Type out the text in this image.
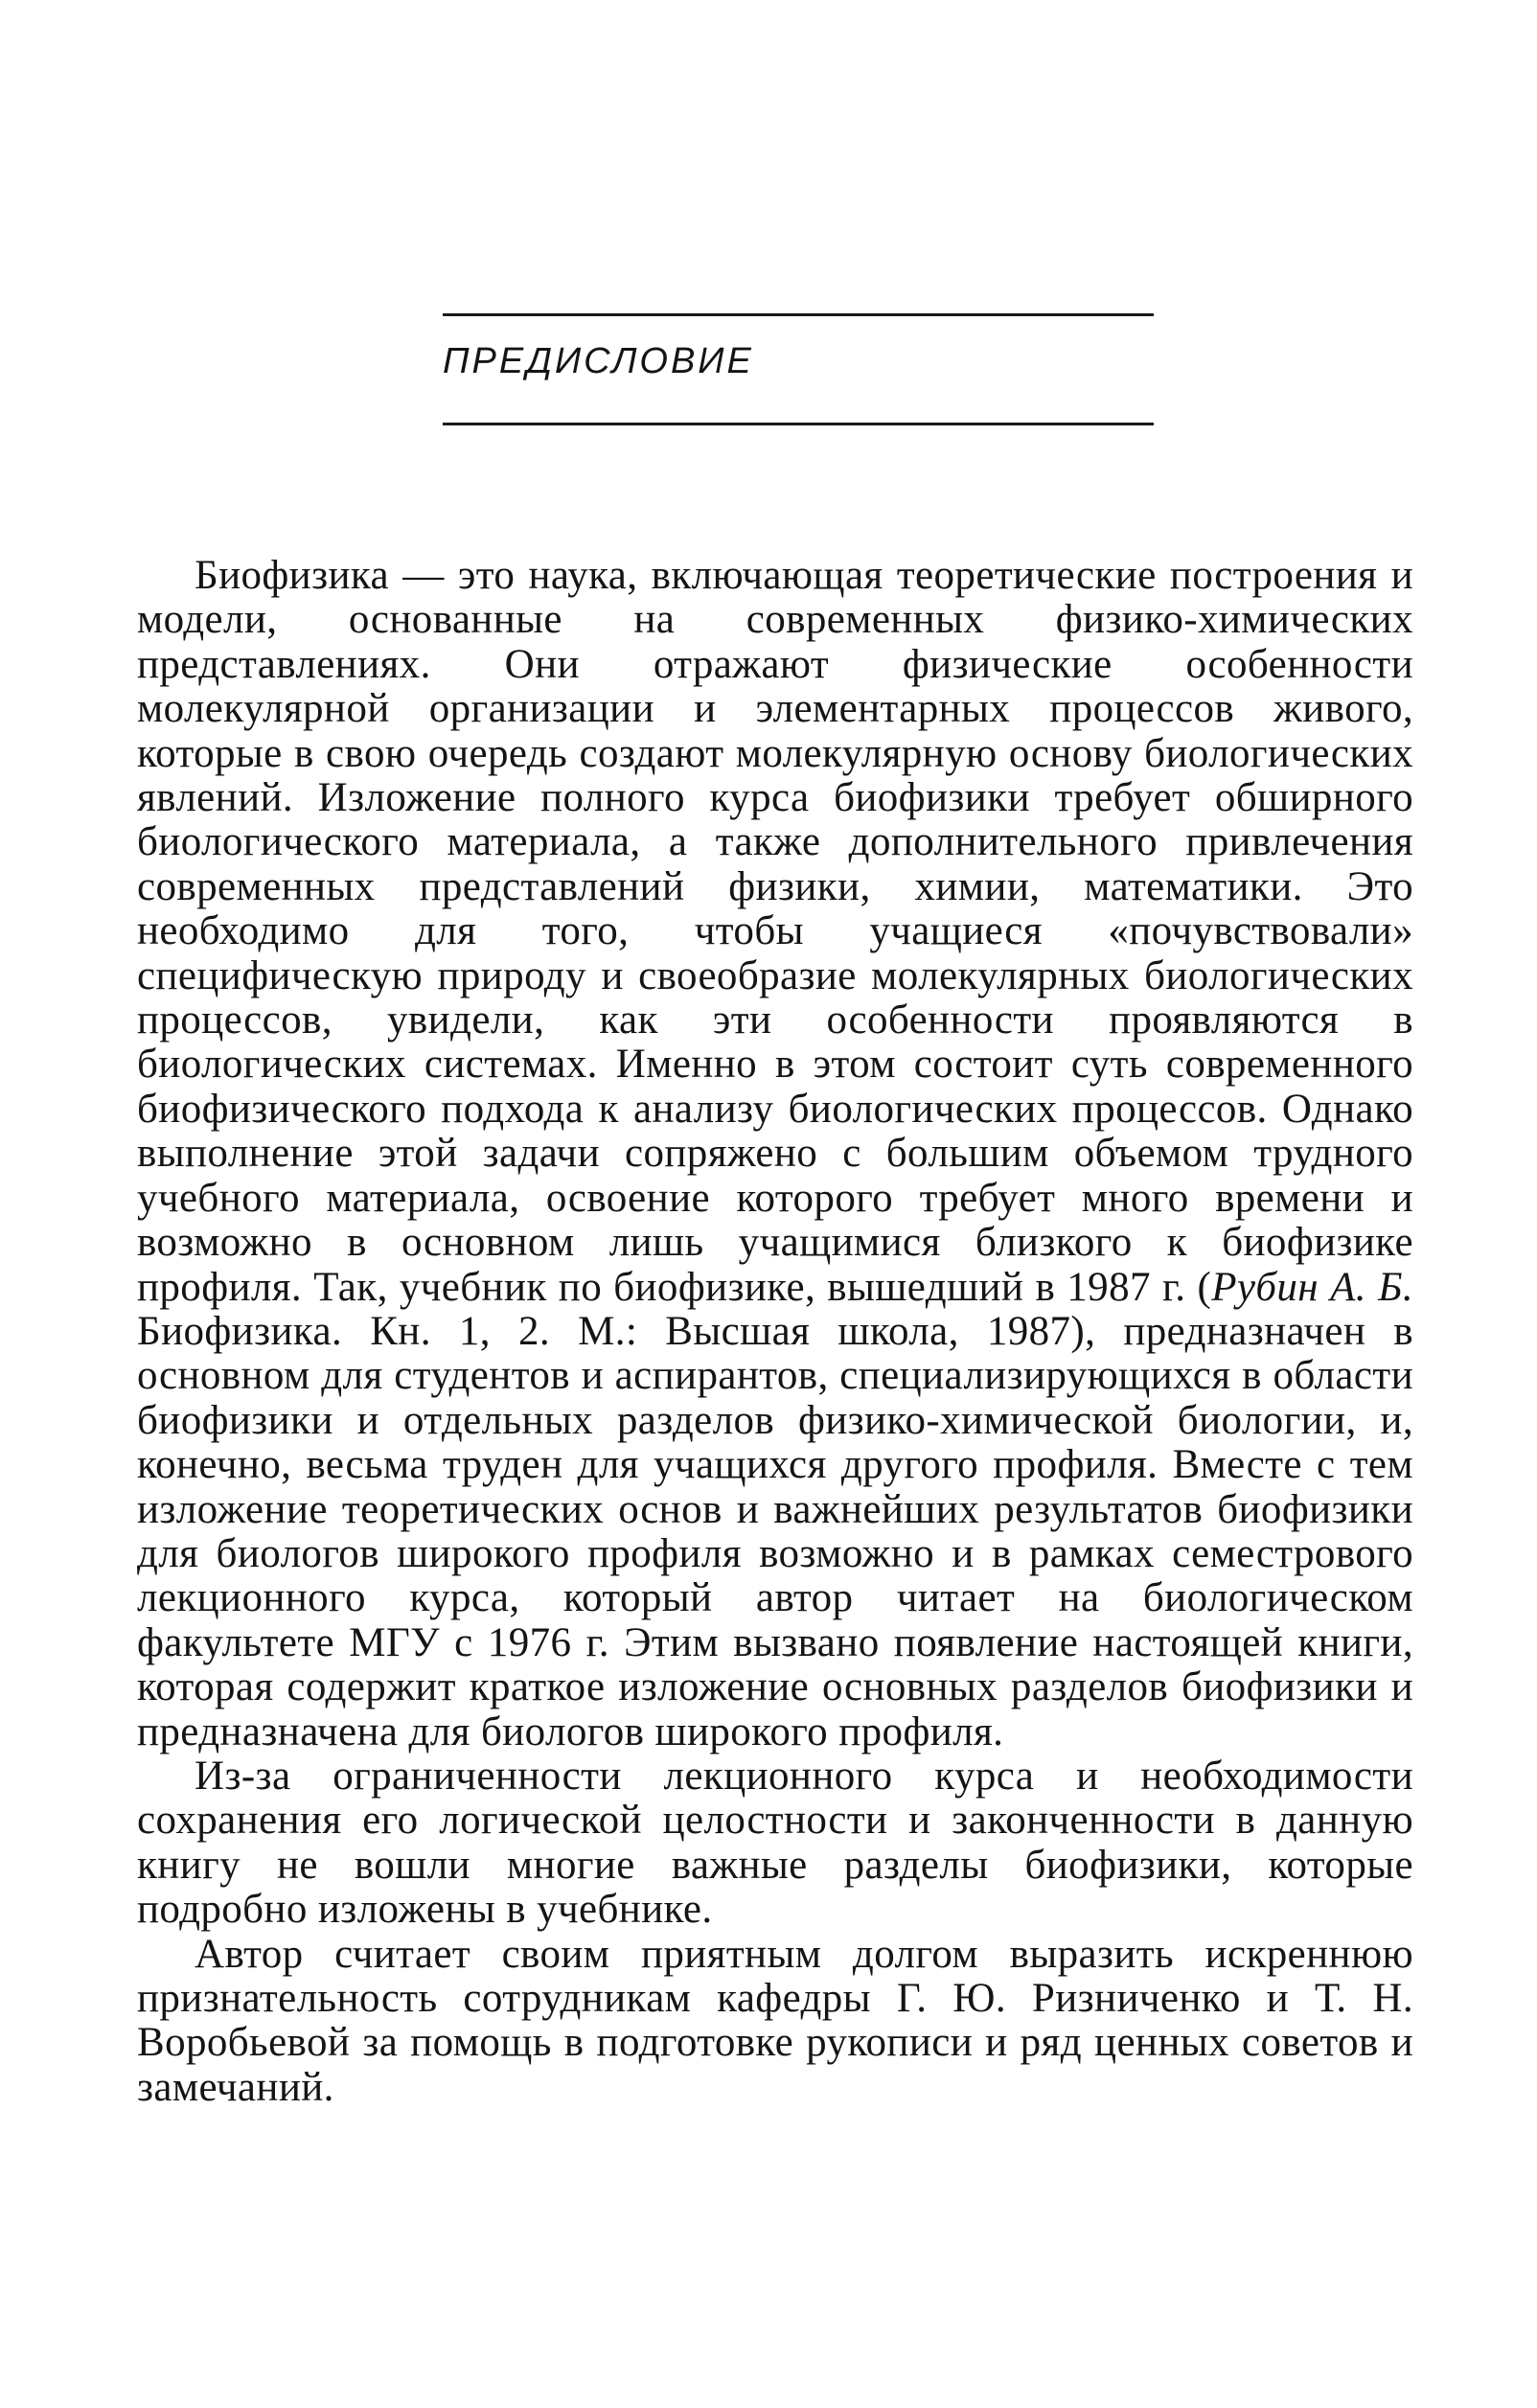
ПРЕДИСЛОВИЕ

Биофизика — это наука, включающая теоретические построения и модели, основанные на современных физико-химических представлениях. Они отражают физические особенности молекулярной организации и элементарных процессов живого, которые в свою очередь создают молекулярную основу биологических явлений. Изложение полного курса биофизики требует обширного биологического материала, а также дополнительного привлечения современных представлений физики, химии, математики. Это необходимо для того, чтобы учащиеся «почувствовали» специфическую природу и своеобразие молекулярных биологических процессов, увидели, как эти особенности проявляются в биологических системах. Именно в этом состоит суть современного биофизического подхода к анализу биологических процессов. Однако выполнение этой задачи сопряжено с большим объемом трудного учебного материала, освоение которого требует много времени и возможно в основном лишь учащимися близкого к биофизике профиля. Так, учебник по биофизике, вышедший в 1987 г. (Рубин А. Б. Биофизика. Кн. 1, 2. М.: Высшая школа, 1987), предназначен в основном для студентов и аспирантов, специализирующихся в области биофизики и отдельных разделов физико-химической биологии, и, конечно, весьма труден для учащихся другого профиля. Вместе с тем изложение теоретических основ и важнейших результатов биофизики для биологов широкого профиля возможно и в рамках семестрового лекционного курса, который автор читает на биологическом факультете МГУ с 1976 г. Этим вызвано появление настоящей книги, которая содержит краткое изложение основных разделов биофизики и предназначена для биологов широкого профиля.

Из-за ограниченности лекционного курса и необходимости сохранения его логической целостности и законченности в данную книгу не вошли многие важные разделы биофизики, которые подробно изложены в учебнике.

Автор считает своим приятным долгом выразить искреннюю признательность сотрудникам кафедры Г. Ю. Ризниченко и Т. Н. Воробьевой за помощь в подготовке рукописи и ряд ценных советов и замечаний.
